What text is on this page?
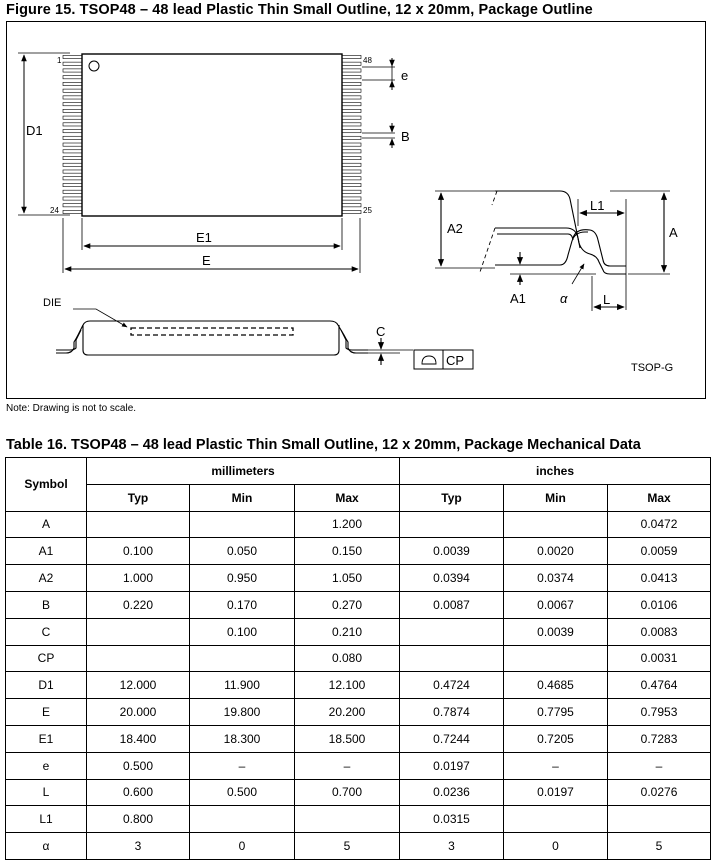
Figure 15. TSOP48 – 48 lead Plastic Thin Small Outline, 12 x 20mm, Package Outline
1	48
24	25
D1
E1
E
e
B
DIE
C
CP	TSOP-G
A2	A
L1
L
A1	α
Note: Drawing is not to scale.
Table 16. TSOP48 – 48 lead Plastic Thin Small Outline, 12 x 20mm, Package Mechanical Data
Symbol	millimeters			inches		
	Typ	Min	Max	Typ	Min	Max
A			1.200			0.0472
A1	0.100	0.050	0.150	0.0039	0.0020	0.0059
A2	1.000	0.950	1.050	0.0394	0.0374	0.0413
B	0.220	0.170	0.270	0.0087	0.0067	0.0106
C		0.100	0.210		0.0039	0.0083
CP			0.080			0.0031
D1	12.000	11.900	12.100	0.4724	0.4685	0.4764
E	20.000	19.800	20.200	0.7874	0.7795	0.7953
E1	18.400	18.300	18.500	0.7244	0.7205	0.7283
e	0.500	–	–	0.0197	–	–
L	0.600	0.500	0.700	0.0236	0.0197	0.0276
L1	0.800			0.0315		
α	3	0	5	3	0	5
